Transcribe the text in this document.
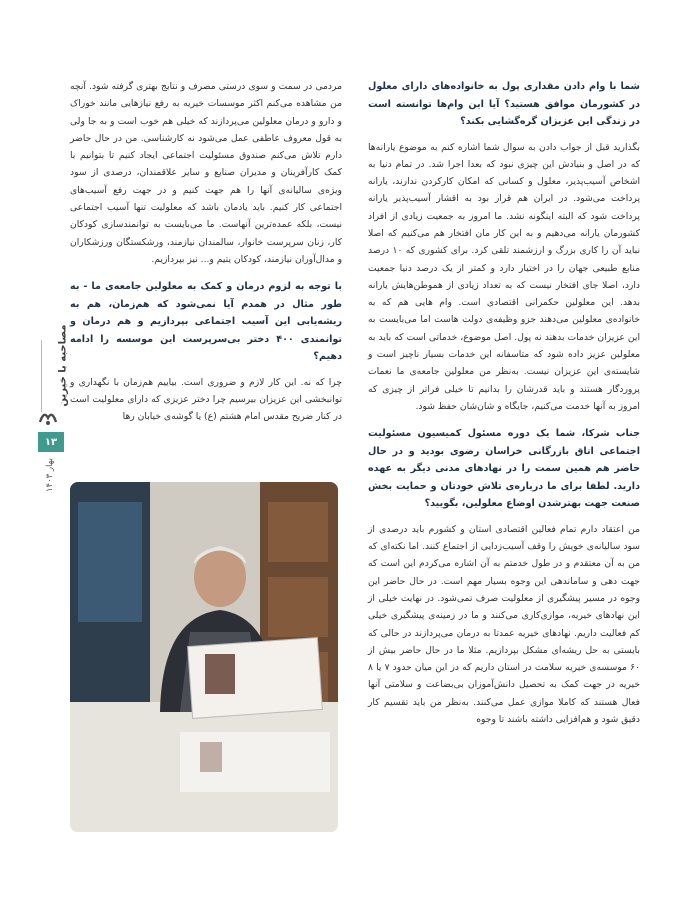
شما با وام دادن مقداری پول به خانواده‌های دارای معلول در کشورمان موافق هستید؟ آیا این وام‌ها توانسته است در زندگی این عزیزان گره‌گشایی بکند؟

بگذارید قبل از جواب دادن به سوال شما اشاره کنم به موضوع یارانه‌ها که در اصل و بنیادش این چیزی نبود که بعدا اجرا شد. در تمام دنیا به اشخاص آسیب‌پذیر، معلول و کسانی که امکان کارکردن ندارند، یارانه پرداخت می‌شود. در ایران هم قرار بود به اقشار آسیب‌پذیر یارانه پرداخت شود که البته اینگونه نشد. ما امروز به جمعیت زیادی از افراد کشورمان یارانه می‌دهیم و به این کار مان افتخار هم می‌کنیم که اصلا نباید آن را کاری بزرگ و ارزشمند تلقی کرد. برای کشوری که ۱۰ درصد منابع طبیعی جهان را در اختیار دارد و کمتر از یک درصد دنیا جمعیت دارد، اصلا جای افتخار نیست که به تعداد زیادی از هموطن‌هایش یارانه بدهد. این معلولین حکمرانی اقتصادی است. وام هایی هم که به خانواده‌ی معلولین می‌دهند جزو وظیفه‌ی دولت هاست اما می‌بایست به این عزیزان خدمات بدهند نه پول. اصل موضوع، خدماتی است که باید به معلولین عزیز داده شود که متاسفانه این خدمات بسیار ناچیز است و شایسته‌ی این عزیزان نیست. به‌نظر من معلولین جامعه‌ی ما نعمات پروردگار هستند و باید قدرشان را بدانیم تا خیلی فراتر از چیزی که امروز به آنها خدمت می‌کنیم، جایگاه و شان‌شان حفظ شود.

جناب شرکا، شما یک دوره مسئول کمیسیون مسئولیت اجتماعی اتاق بازرگانی خراسان رضوی بودید و در حال حاضر هم همین سمت را در نهادهای مدنی دیگر به عهده دارید. لطفا برای ما درباره‌ی تلاش خودتان و حمایت بخش صنعت جهت بهترشدن اوضاع معلولین، بگویید؟

من اعتقاد دارم تمام فعالین اقتصادی استان و کشورم باید درصدی از سود سالیانه‌ی خویش را وقف آسیب‌زدایی از اجتماع کنند. اما نکته‌ای که من به آن معتقدم و در طول خدمتم به آن اشاره می‌کردم این است که جهت دهی و ساماندهی این وجوه بسیار مهم است. در حال حاضر این وجوه در مسیر پیشگیری از معلولیت صرف نمی‌شود. در نهایت خیلی از این نهادهای خیریه، موازی‌کاری می‌کنند و ما در زمینه‌ی پیشگیری خیلی کم فعالیت داریم. نهادهای خیریه عمدتا به درمان می‌پردازند در حالی که بایستی به حل ریشه‌ای مشکل بپردازیم. مثلا ما در حال حاضر بیش از ۶۰ موسسه‌ی خیریه سلامت در استان داریم که در این میان حدود ۷ یا ۸ خیریه در جهت کمک به تحصیل دانش‌آموزان بی‌بضاعت و سلامتی آنها فعال هستند که کاملا موازی عمل می‌کنند. به‌نظر من باید تقسیم کار دقیق شود و هم‌افزایی داشته باشند تا وجوه

مردمی در سمت و سوی درستی مصرف و نتایج بهتری گرفته شود. آنچه من مشاهده می‌کنم اکثر موسسات خیریه به رفع نیازهایی مانند خوراک و دارو و درمان معلولین می‌پردازند که خیلی هم خوب است و به جا ولی به قول معروف عاطفی عمل می‌شود نه کارشناسی. من در حال حاضر دارم تلاش می‌کنم صندوق مسئولیت اجتماعی ایجاد کنیم تا بتوانیم با کمک کارآفرینان و مدیران صنایع و سایر علاقمندان، درصدی از سود ویژه‌ی سالیانه‌ی آنها را هم جهت کنیم و در جهت رفع آسیب‌های اجتماعی کار کنیم. باید یادمان باشد که معلولیت تنها آسیب اجتماعی نیست، بلکه عمده‌ترین آنهاست. ما می‌بایست به توانمندسازی کودکان کار، زنان سرپرست خانوار، سالمندان نیازمند، ورشکستگان ورزشکاران و مدال‌آوران نیازمند، کودکان یتیم و... نیز بپردازیم.

با توجه به لزوم درمان و کمک به معلولین جامعه‌ی ما - به طور مثال در همدم آیا نمی‌شود که هم‌زمان، هم به ریشه‌یابی این آسیب اجتماعی بپردازیم و هم درمان و توانمندی ۴۰۰ دختر بی‌سرپرست این موسسه را ادامه دهیم؟

چرا که نه. این کار لازم و ضروری است. بیاییم هم‌زمان با نگهداری و توانبخشی این عزیزان بیرسیم چرا دختر عزیزی که دارای معلولیت است در کنار ضریح مقدس امام هشتم (ع) یا گوشه‌ی خیابان رها

مصاحبه با خیرین
۱۳
بهار ۱۴۰۳
